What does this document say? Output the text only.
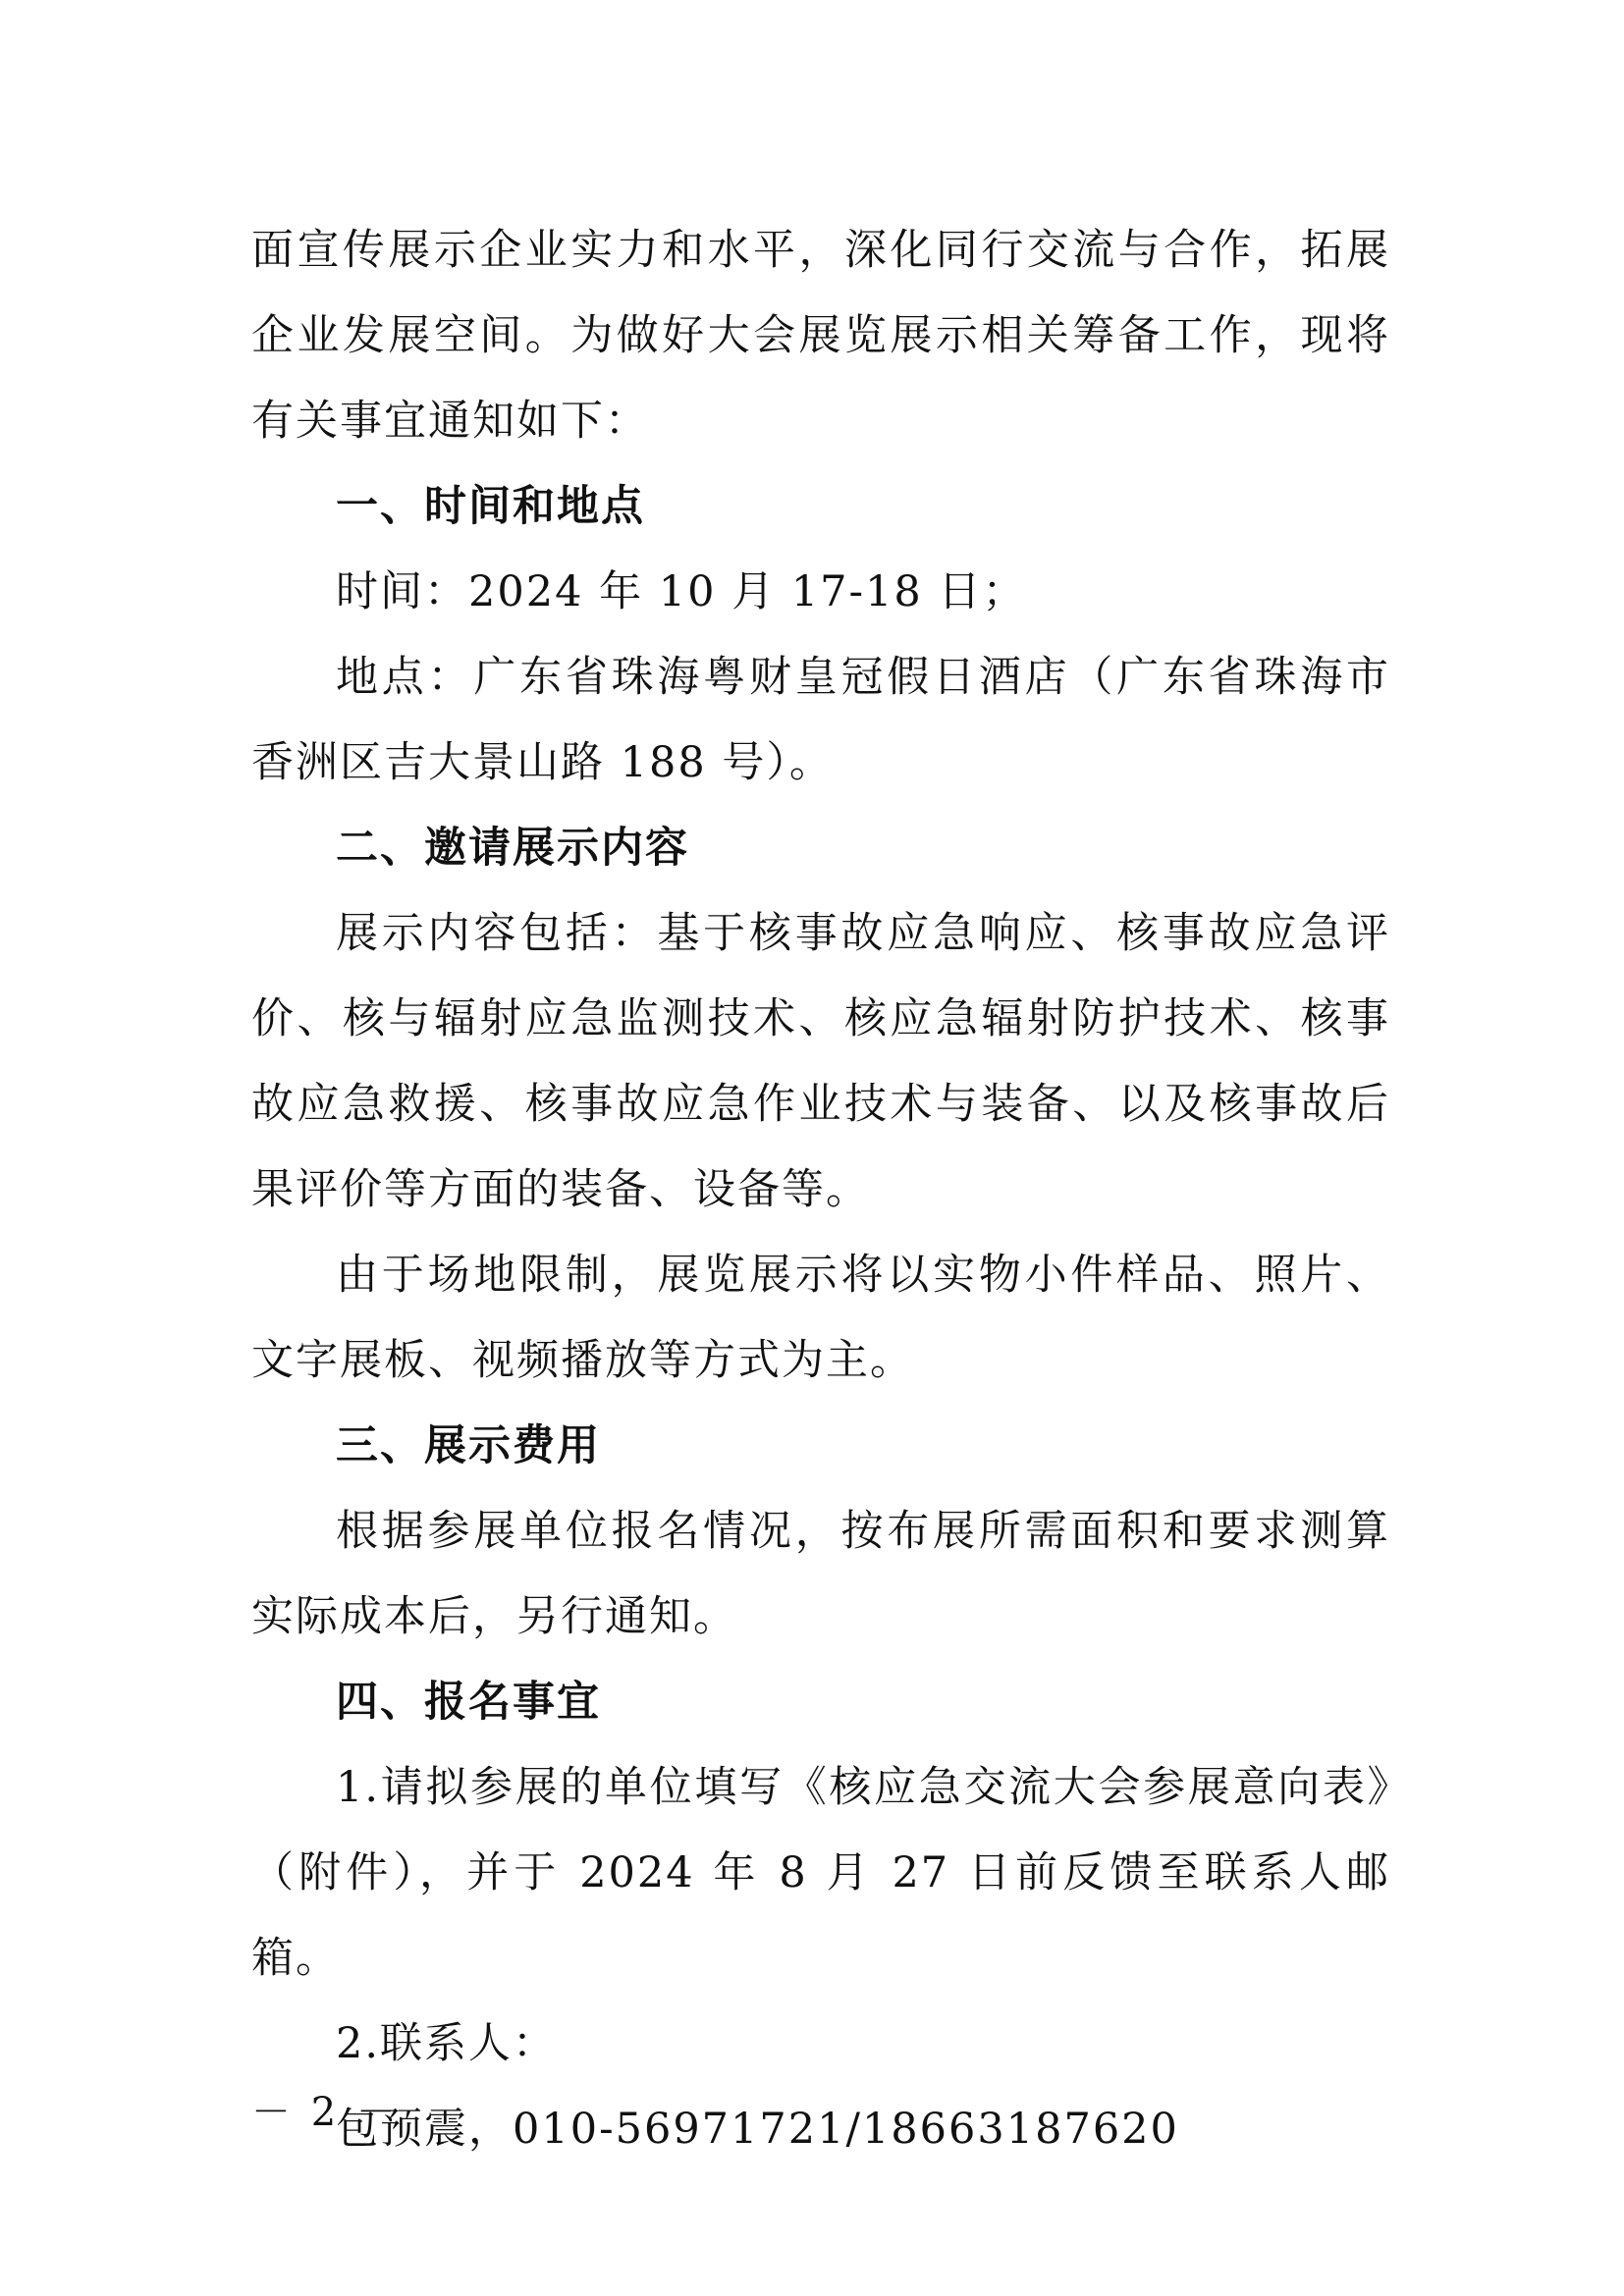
面宣传展示企业实力和水平，深化同行交流与合作，拓展企业发展空间。为做好大会展览展示相关筹备工作，现将有关事宜通知如下：

一、时间和地点

时间：2024 年 10 月 17-18 日；

地点：广东省珠海粤财皇冠假日酒店（广东省珠海市香洲区吉大景山路 188 号）。

二、邀请展示内容

展示内容包括：基于核事故应急响应、核事故应急评价、核与辐射应急监测技术、核应急辐射防护技术、核事故应急救援、核事故应急作业技术与装备、以及核事故后果评价等方面的装备、设备等。

由于场地限制，展览展示将以实物小件样品、照片、文字展板、视频播放等方式为主。

三、展示费用

根据参展单位报名情况，按布展所需面积和要求测算实际成本后，另行通知。

四、报名事宜

1.请拟参展的单位填写《核应急交流大会参展意向表》（附件），并于 2024 年 8 月 27 日前反馈至联系人邮箱。

2.联系人：

包预震，010-56971721/18663187620

－ 2 －
